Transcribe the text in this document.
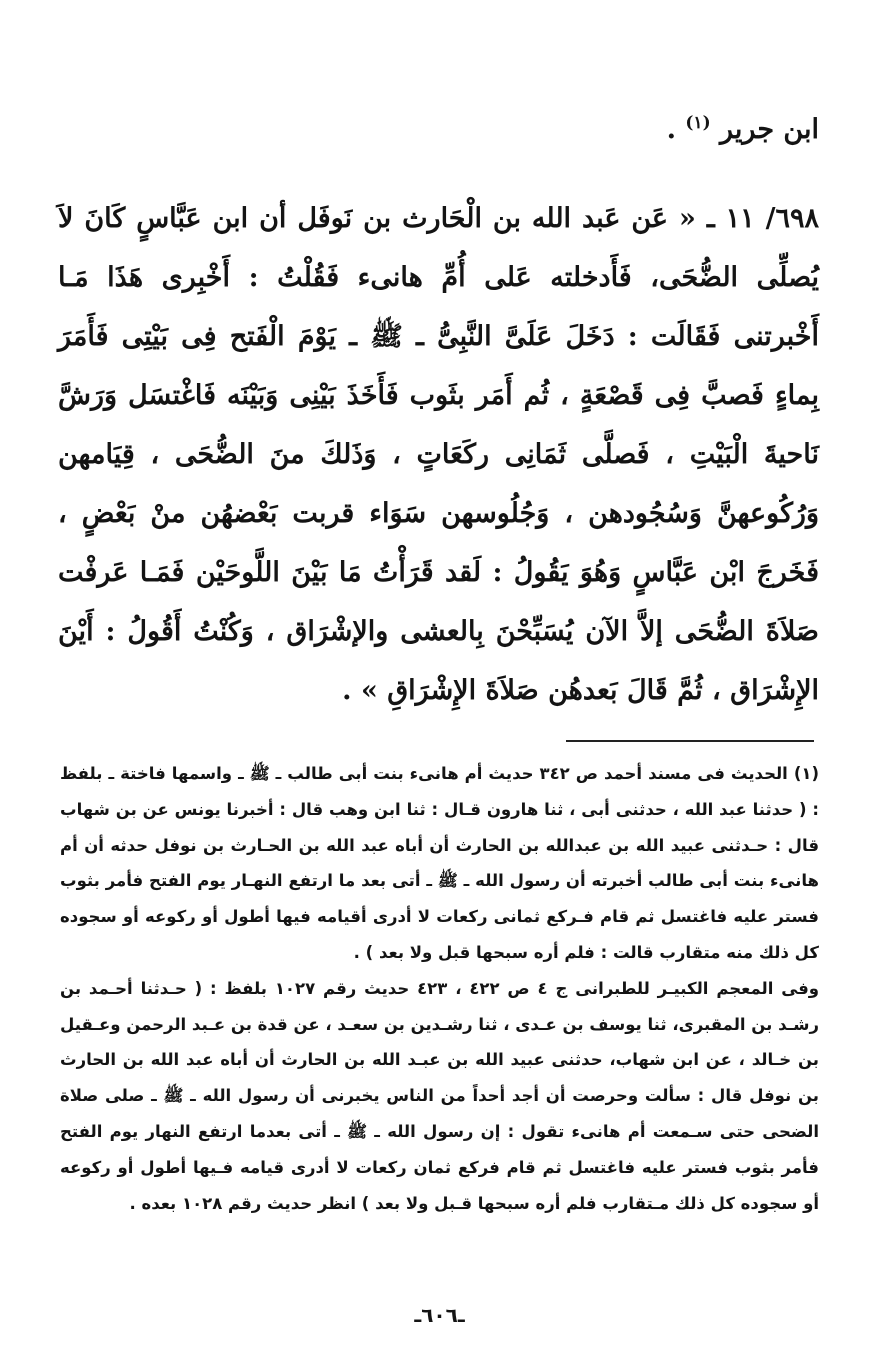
ابن جرير $^{(١)}$ .

٦٩٨/ ١١ ـ « عَن عَبد الله بن الْحَارث بن نَوفَل أن ابن عَبَّاسٍ كَانَ لاَ يُصلِّى الضُّحَى، فَأَدخلته عَلى أُمِّ هانىء فَقُلْتُ : أَخْبِرى هَذَا مَـا أَخْبرتنى فَقَالَت : دَخَلَ عَلَىَّ النَّبِىُّ ـ ﷺ ـ يَوْمَ الْفَتح فِى بَيْتِى فَأَمَرَ بِماءٍ فَصبَّ فِى قَصْعَةٍ ، ثُم أَمَر بثَوب فَأَخَذَ بَيْنِى وَبَيْنَه فَاغْتسَل وَرَشَّ نَاحيةَ الْبَيْتِ ، فَصلَّى ثَمَانِى ركَعَاتٍ ، وَذَلكَ منَ الضُّحَى ، قِيَامهن وَرُكُوعهنَّ وَسُجُودهن ، وَجُلُوسهن سَوَاء قربت بَعْضهُن منْ بَعْضٍ ، فَخَرجَ ابْن عَبَّاسٍ وَهُوَ يَقُولُ : لَقد قَرَأْتُ مَا بَيْنَ اللَّوحَيْن فَمَـا عَرفْت صَلاَةَ الضُّحَى إلاَّ الآن يُسَبِّحْنَ بِالعشى والإشْرَاق ، وَكُنْتُ أَقُولُ : أَيْنَ الإِشْرَاق ، ثُمَّ قَالَ بَعدهُن صَلاَةَ الإِشْرَاقِ » .

(١) الحديث فى مسند أحمد ص ٣٤٢ حديث أم هانىء بنت أبى طالب ـ ﷺ ـ واسمها فاختة ـ بلفظ : ( حدثنا عبد الله ، حدثنى أبى ، ثنا هارون قـال : ثنا ابن وهب قال : أخبرنا يونس عن بن شهاب قال : حـدثنى عبيد الله بن عبدالله بن الحارث أن أباه عبد الله بن الحـارث بن نوفل حدثه أن أم هانىء بنت أبى طالب أخبرته أن رسول الله ـ ﷺ ـ أتى بعد ما ارتفع النهـار يوم الفتح فأمر بثوب فستر عليه فاغتسل ثم قام فـركع ثمانى ركعات لا أدرى أقيامه فيها أطول أو ركوعه أو سجوده كل ذلك منه متقارب قالت : فلم أره سبحها قبل ولا بعد ) .

وفى المعجم الكبيـر للطبرانى ج ٤ ص ٤٢٢ ، ٤٢٣ حديث رقم ١٠٢٧ بلفظ : ( حـدثنا أحـمد بن رشـد بن المقبرى، ثنا يوسف بن عـدى ، ثنا رشـدين بن سعـد ، عن قدة بن عـبد الرحمن وعـقيل بن خـالد ، عن ابن شهاب، حدثنى عبيد الله بن عبـد الله بن الحارث أن أباه عبد الله بن الحارث بن نوفل قال : سألت وحرصت أن أجد أحداً من الناس يخبرنى أن رسول الله ـ ﷺ ـ صلى صلاة الضحى حتى سـمعت أم هانىء تقول : إن رسول الله ـ ﷺ ـ أتى بعدما ارتفع النهار يوم الفتح فأمر بثوب فستر عليه فاغتسل ثم قام فركع ثمان ركعات لا أدرى قيامه فـيها أطول أو ركوعه أو سجوده كل ذلك مـتقارب فلم أره سبحها قـبل ولا بعد ) انظر حديث رقم ١٠٢٨ بعده .

ـ٦٠٦ـ
